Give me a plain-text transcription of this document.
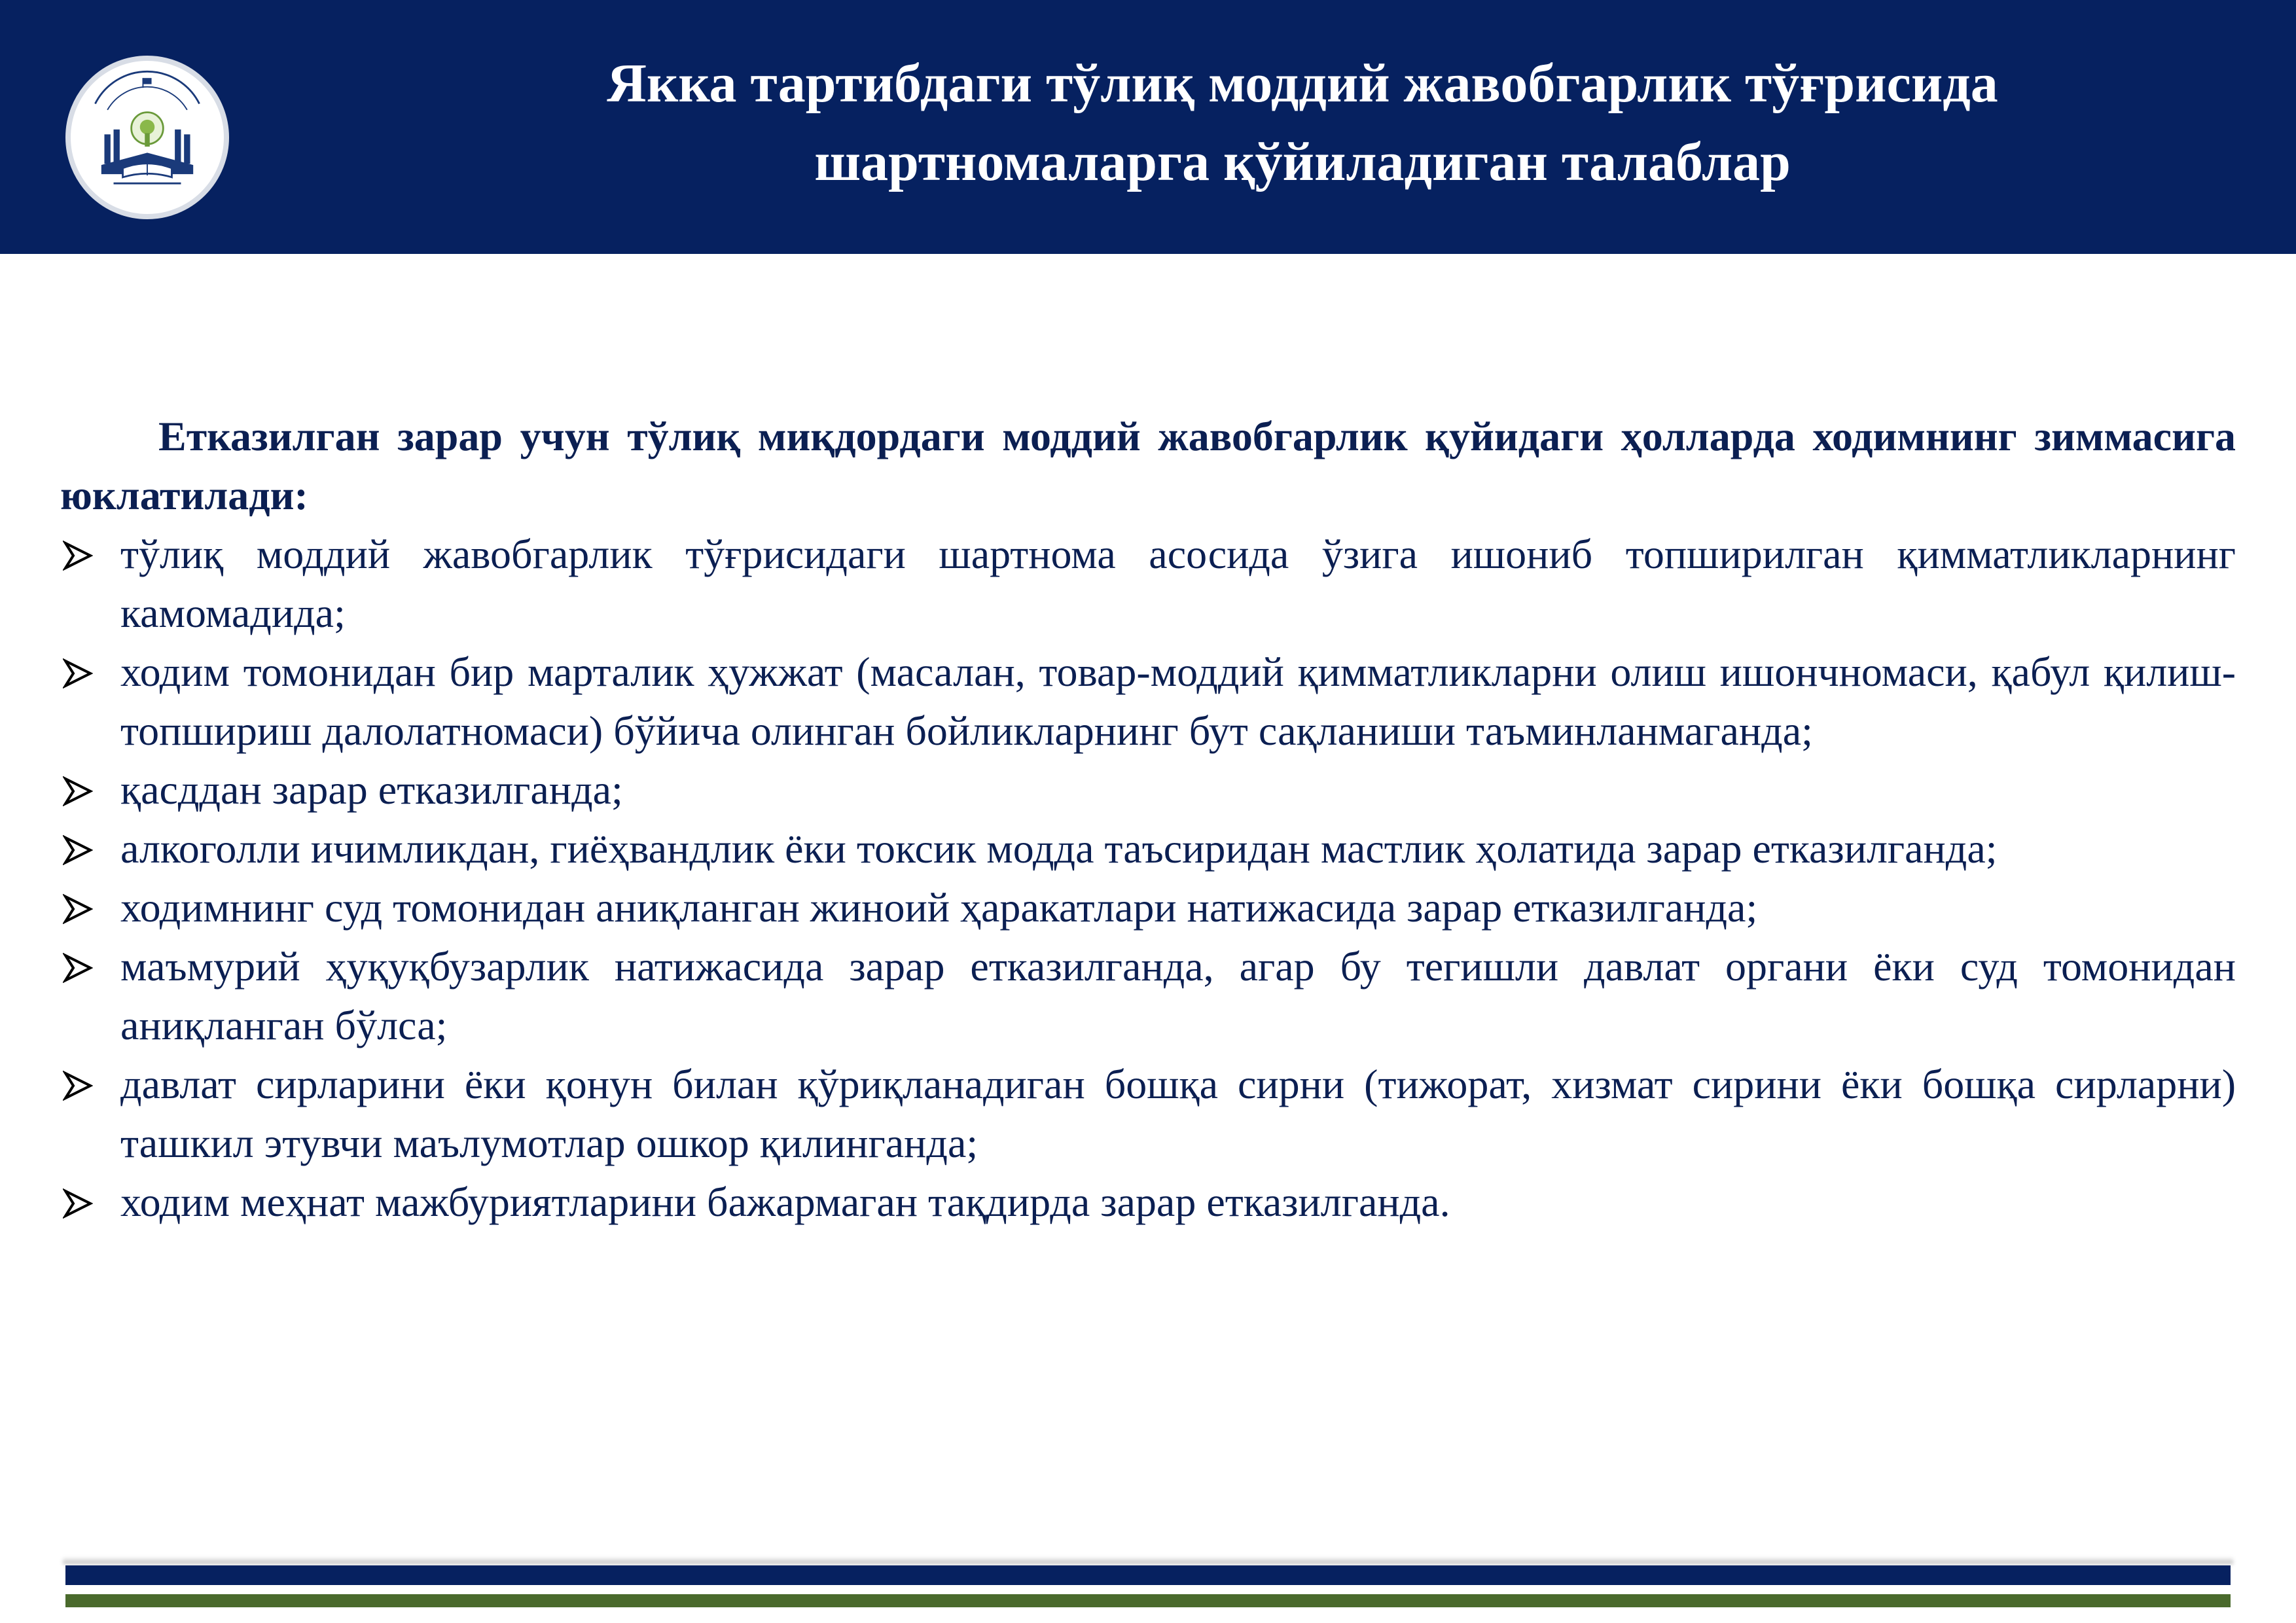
Якка тартибдаги тўлиқ моддий жавобгарлик тўғрисида
шартномаларга қўйиладиган талаблар

Етказилган зарар учун тўлиқ миқдордаги моддий жавобгарлик қуйидаги ҳолларда ходимнинг зиммасига юклатилади:

тўлиқ моддий жавобгарлик тўғрисидаги шартнома асосида ўзига ишониб топширилган қимматликларнинг камомадида;
ходим томонидан бир марталик ҳужжат (масалан, товар-моддий қимматликларни олиш ишончномаси, қабул қилиш-топшириш далолатномаси) бўйича олинган бойликларнинг бут сақланиши таъминланмаганда;
қасддан зарар етказилганда;
алкоголли ичимликдан, гиёҳвандлик ёки токсик модда таъсиридан мастлик ҳолатида зарар етказилганда;
ходимнинг суд томонидан аниқланган жиноий ҳаракатлари натижасида зарар етказилганда;
маъмурий ҳуқуқбузарлик натижасида зарар етказилганда, агар бу тегишли давлат органи ёки суд томонидан аниқланган бўлса;
давлат сирларини ёки қонун билан қўриқланадиган бошқа сирни (тижорат, хизмат сирини ёки бошқа сирларни) ташкил этувчи маълумотлар ошкор қилинганда;
ходим меҳнат мажбуриятларини бажармаган тақдирда зарар етказилганда.
